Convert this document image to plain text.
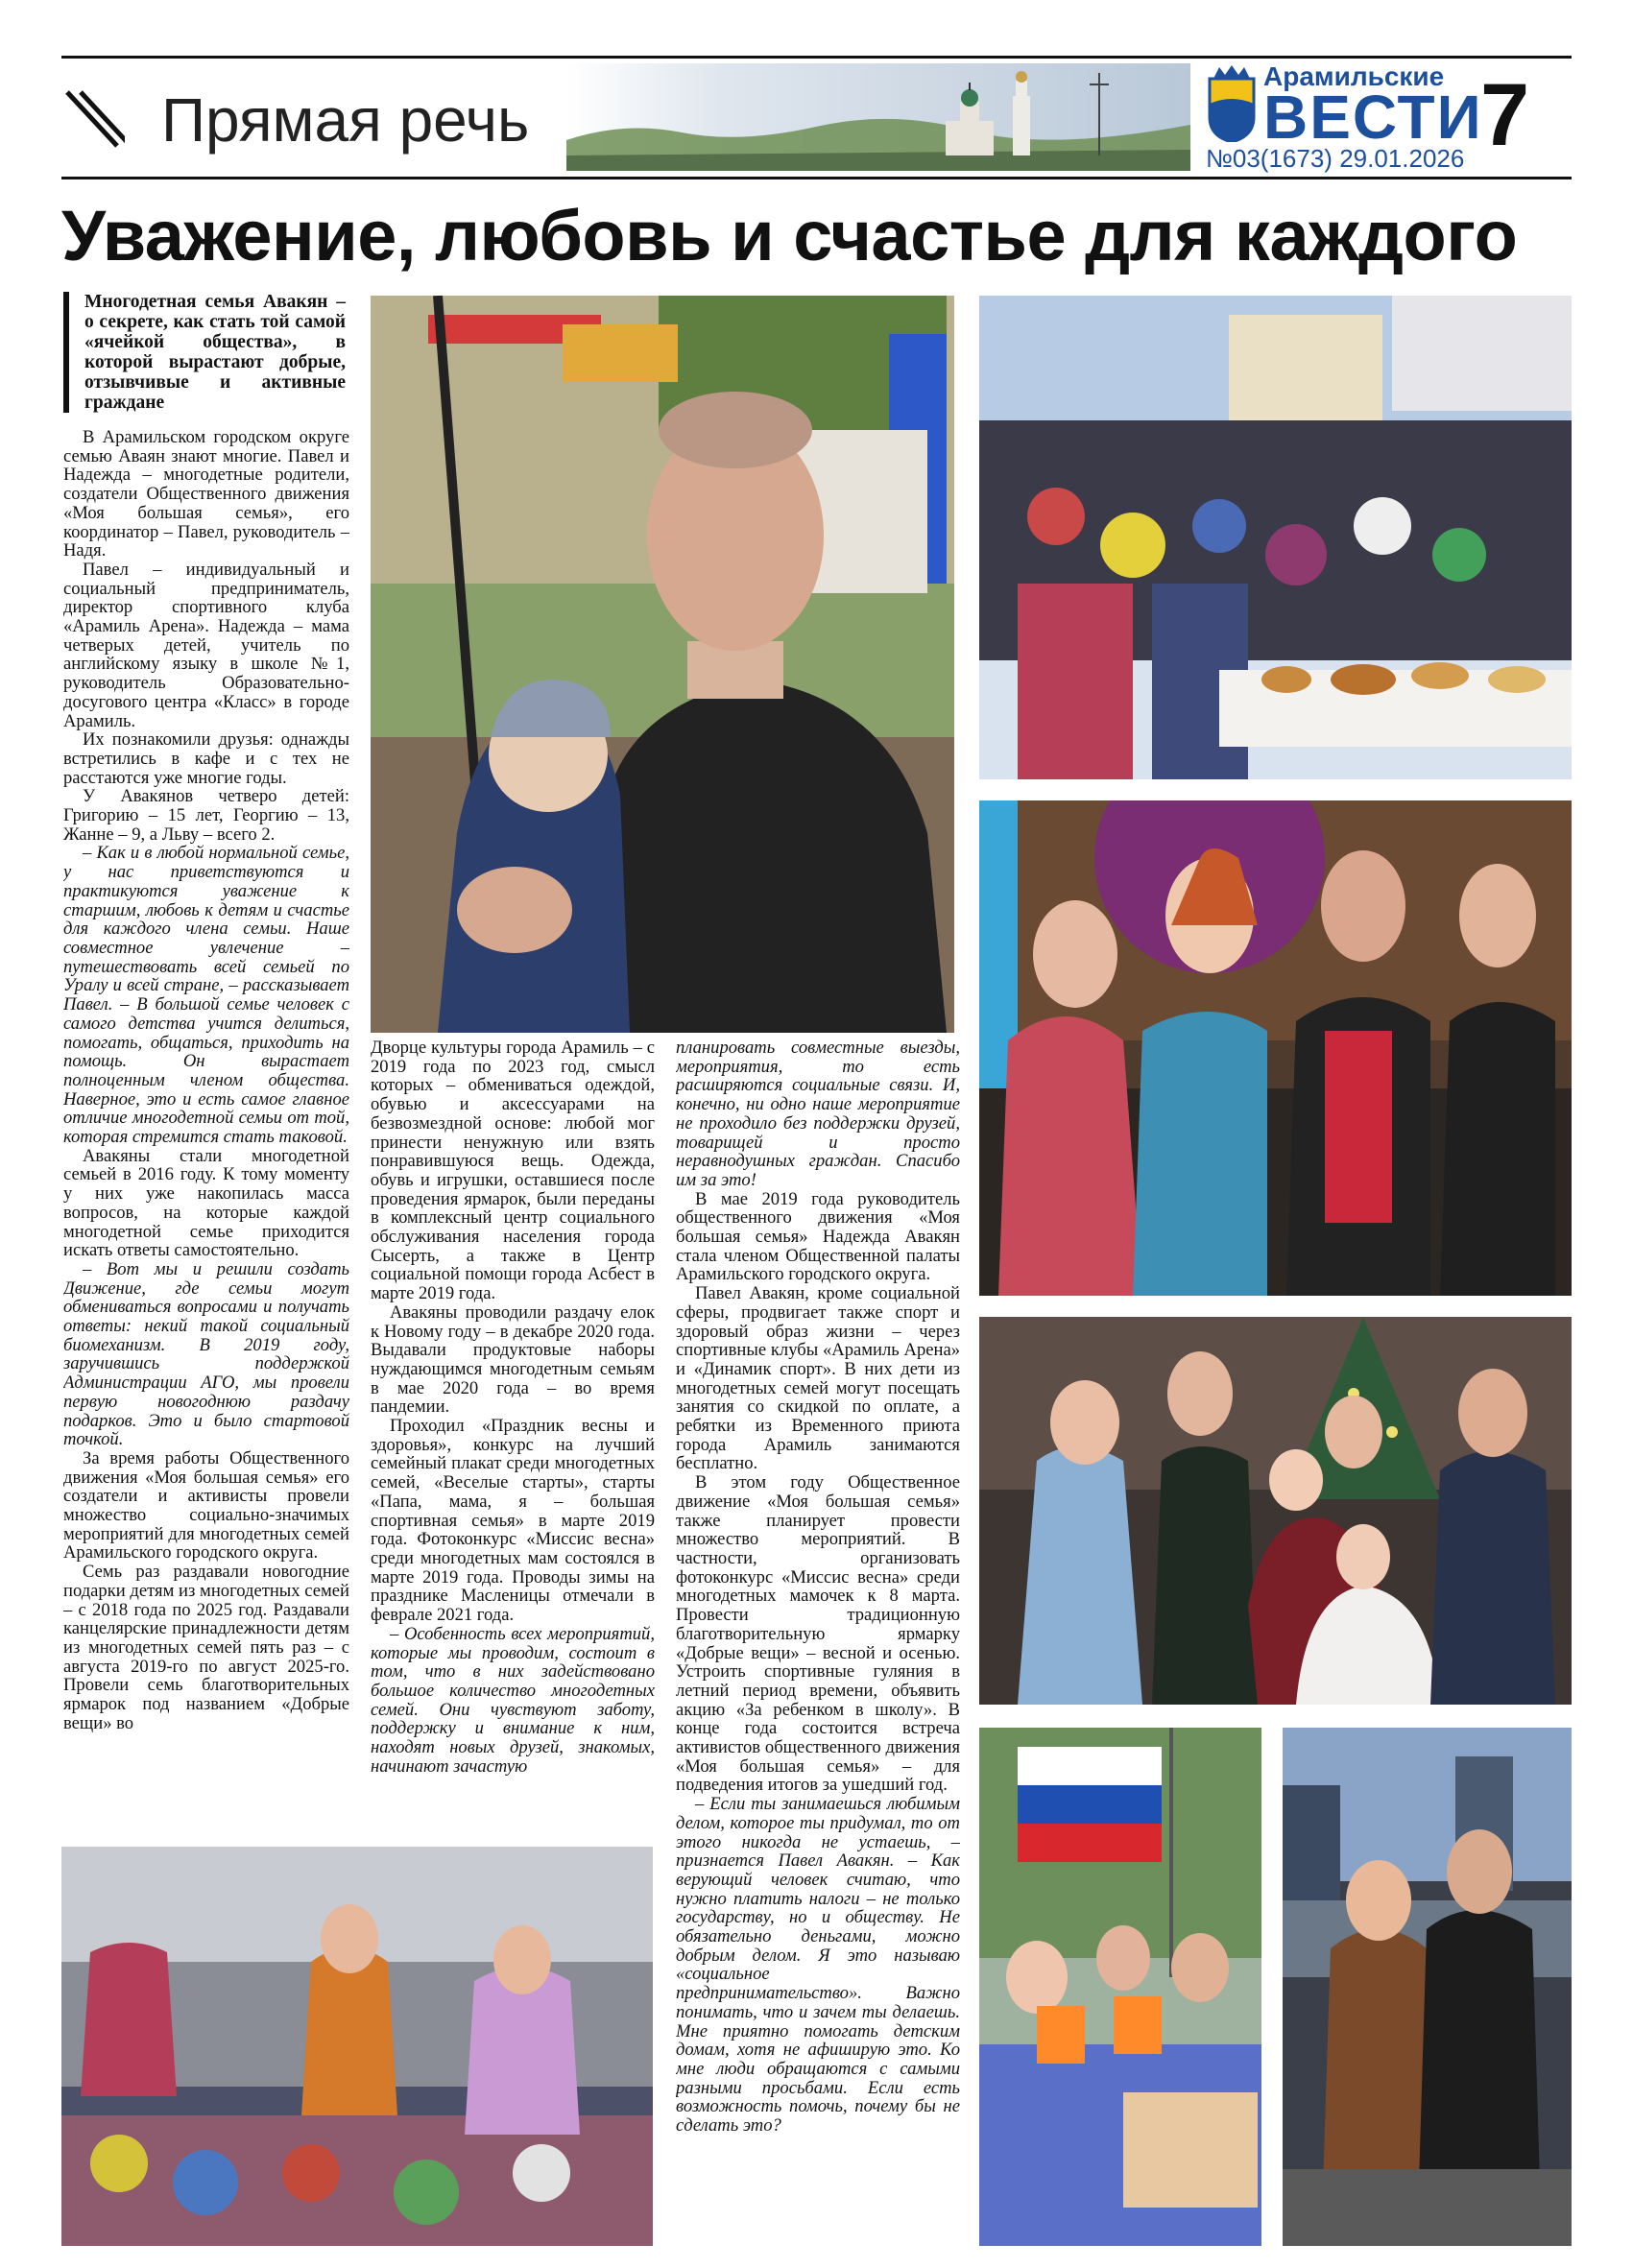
Прямая речь
Арамильские
ВЕСТИ
№03(1673) 29.01.2026 7
Уважение, любовь и счастье для каждого
Многодетная семья Авакян – о секрете, как стать той самой «ячейкой общества», в которой вырастают добрые, отзывчивые и активные граждане

В Арамильском городском округе семью Аваян знают многие. Павел и Надежда – многодетные родители, создатели Общественного движения «Моя большая семья», его координатор – Павел, руководитель – Надя.

Павел – индивидуальный и социальный предприниматель, директор спортивного клуба «Арамиль Арена». Надежда – мама четверых детей, учитель по английскому языку в школе №1, руководитель Образовательно-досугового центра «Класс» в городе Арамиль.

Их познакомили друзья: однажды встретились в кафе и с тех не расстаются уже многие годы.

У Авакянов четверо детей: Григорию – 15 лет, Георгию – 13, Жанне – 9, а Льву – всего 2.

– Как и в любой нормальной семье, у нас приветствуются и практикуются уважение к старшим, любовь к детям и счастье для каждого члена семьи. Наше совместное увлечение – путешествовать всей семьей по Уралу и всей стране, – рассказывает Павел. – В большой семье человек с самого детства учится делиться, помогать, общаться, приходить на помощь. Он вырастает полноценным членом общества. Наверное, это и есть самое главное отличие многодетной семьи от той, которая стремится стать таковой.

Авакяны стали многодетной семьей в 2016 году. К тому моменту у них уже накопилась масса вопросов, на которые каждой многодетной семье приходится искать ответы самостоятельно.

– Вот мы и решили создать Движение, где семьи могут обмениваться вопросами и получать ответы: некий такой социальный биомеханизм. В 2019 году, заручившись поддержкой Администрации АГО, мы провели первую новогоднюю раздачу подарков. Это и было стартовой точкой.

За время работы Общественного движения «Моя большая семья» его создатели и активисты провели множество социально-значимых мероприятий для многодетных семей Арамильского городского округа.

Семь раз раздавали новогодние подарки детям из многодетных семей – с 2018 года по 2025 год. Раздавали канцелярские принадлежности детям из многодетных семей пять раз – с августа 2019-го по август 2025-го. Провели семь благотворительных ярмарок под названием «Добрые вещи» во

Дворце культуры города Арамиль – с 2019 года по 2023 год, смысл которых – обмениваться одеждой, обувью и аксессуарами на безвозмездной основе: любой мог принести ненужную или взять понравившуюся вещь. Одежда, обувь и игрушки, оставшиеся после проведения ярмарок, были переданы в комплексный центр социального обслуживания населения города Сысерть, а также в Центр социальной помощи города Асбест в марте 2019 года.

Авакяны проводили раздачу елок к Новому году – в декабре 2020 года. Выдавали продуктовые наборы нуждающимся многодетным семьям в мае 2020 года – во время пандемии.

Проходил «Праздник весны и здоровья», конкурс на лучший семейный плакат среди многодетных семей, «Веселые старты», старты «Папа, мама, я – большая спортивная семья» в марте 2019 года. Фотоконкурс «Миссис весна» среди многодетных мам состоялся в марте 2019 года. Проводы зимы на празднике Масленицы отмечали в феврале 2021 года.

– Особенность всех мероприятий, которые мы проводим, состоит в том, что в них задействовано большое количество многодетных семей. Они чувствуют заботу, поддержку и внимание к ним, находят новых друзей, знакомых, начинают зачастую

планировать совместные выезды, мероприятия, то есть расширяются социальные связи. И, конечно, ни одно наше мероприятие не проходило без поддержки друзей, товарищей и просто неравнодушных граждан. Спасибо им за это!

В мае 2019 года руководитель общественного движения «Моя большая семья» Надежда Авакян стала членом Общественной палаты Арамильского городского округа.

Павел Авакян, кроме социальной сферы, продвигает также спорт и здоровый образ жизни – через спортивные клубы «Арамиль Арена» и «Динамик спорт». В них дети из многодетных семей могут посещать занятия со скидкой по оплате, а ребятки из Временного приюта города Арамиль занимаются бесплатно.

В этом году Общественное движение «Моя большая семья» также планирует провести множество мероприятий. В частности, организовать фотоконкурс «Миссис весна» среди многодетных мамочек к 8 марта. Провести традиционную благотворительную ярмарку «Добрые вещи» – весной и осенью. Устроить спортивные гуляния в летний период времени, объявить акцию «За ребенком в школу». В конце года состоится встреча активистов общественного движения «Моя большая семья» – для подведения итогов за ушедший год.

– Если ты занимаешься любимым делом, которое ты придумал, то от этого никогда не устаешь, – признается Павел Авакян. – Как верующий человек считаю, что нужно платить налоги – не только государству, но и обществу. Не обязательно деньгами, можно добрым делом. Я это называю «социальное предпринимательство». Важно понимать, что и зачем ты делаешь. Мне приятно помогать детским домам, хотя не афиширую это. Ко мне люди обращаются с самыми разными просьбами. Если есть возможность помочь, почему бы не сделать это?
